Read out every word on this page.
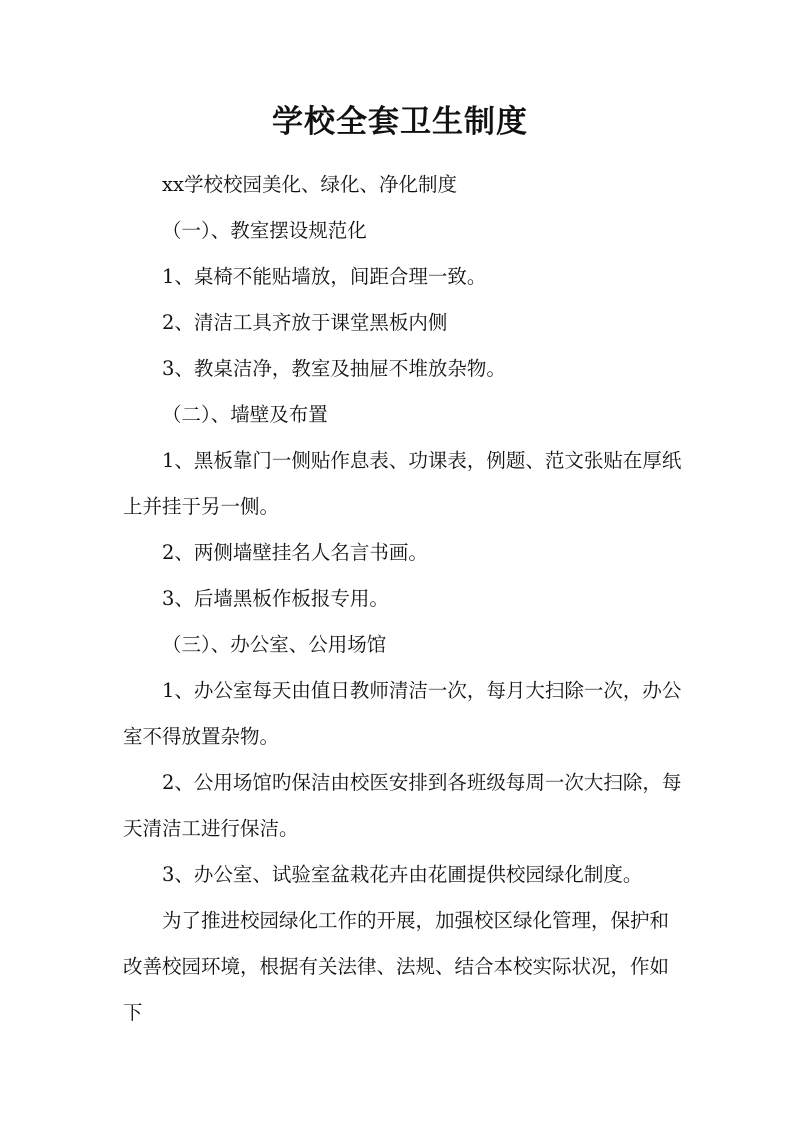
学校全套卫生制度

xx学校校园美化、绿化、净化制度

（一）、教室摆设规范化

1、桌椅不能贴墙放，间距合理一致。

2、清洁工具齐放于课堂黑板内侧

3、教桌洁净，教室及抽屉不堆放杂物。

（二）、墙壁及布置

1、黑板靠门一侧贴作息表、功课表，例题、范文张贴在厚纸上并挂于另一侧。

2、两侧墙壁挂名人名言书画。

3、后墙黑板作板报专用。

（三）、办公室、公用场馆

1、办公室每天由值日教师清洁一次，每月大扫除一次，办公室不得放置杂物。

2、公用场馆旳保洁由校医安排到各班级每周一次大扫除，每天清洁工进行保洁。

3、办公室、试验室盆栽花卉由花圃提供校园绿化制度。

为了推进校园绿化工作的开展，加强校区绿化管理，保护和改善校园环境，根据有关法律、法规、结合本校实际状况，作如下
